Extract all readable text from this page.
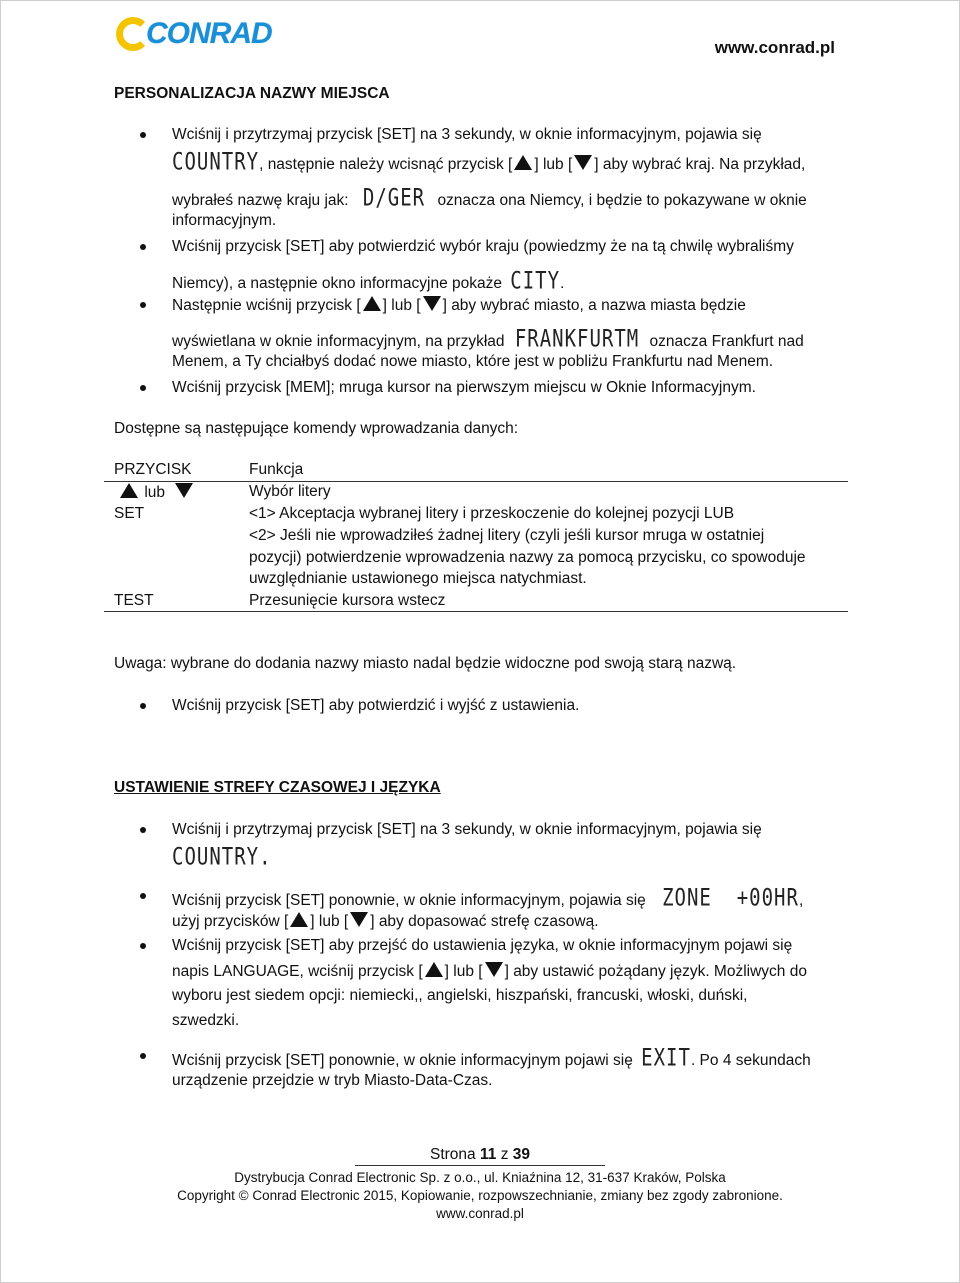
CONRAD	www.conrad.pl
PERSONALIZACJA NAZWY MIEJSCA
Wciśnij i przytrzymaj przycisk [SET] na 3 sekundy, w oknie informacyjnym, pojawia się
COUNTRY, następnie należy wcisnąć przycisk [ ] lub [ ] aby wybrać kraj. Na przykład,
wybrałeś nazwę kraju jak: D/GER oznacza ona Niemcy, i będzie to pokazywane w oknie
informacyjnym.
Wciśnij przycisk [SET] aby potwierdzić wybór kraju (powiedzmy że na tą chwilę wybraliśmy
Niemcy), a następnie okno informacyjne pokaże CITY.
Następnie wciśnij przycisk [ ] lub [ ] aby wybrać miasto, a nazwa miasta będzie
wyświetlana w oknie informacyjnym, na przykład FRANKFURTM oznacza Frankfurt nad
Menem, a Ty chciałbyś dodać nowe miasto, które jest w pobliżu Frankfurtu nad Menem.
Wciśnij przycisk [MEM]; mruga kursor na pierwszym miejscu w Oknie Informacyjnym.
Dostępne są następujące komendy wprowadzania danych:
PRZYCISK	Funkcja
lub	Wybór litery
SET	<1> Akceptacja wybranej litery i przeskoczenie do kolejnej pozycji LUB
<2> Jeśli nie wprowadziłeś żadnej litery (czyli jeśli kursor mruga w ostatniej
pozycji) potwierdzenie wprowadzenia nazwy za pomocą przycisku, co spowoduje
uwzględnianie ustawionego miejsca natychmiast.
TEST	Przesunięcie kursora wstecz
Uwaga: wybrane do dodania nazwy miasto nadal będzie widoczne pod swoją starą nazwą.
Wciśnij przycisk [SET] aby potwierdzić i wyjść z ustawienia.
USTAWIENIE STREFY CZASOWEJ I JĘZYKA
Wciśnij i przytrzymaj przycisk [SET] na 3 sekundy, w oknie informacyjnym, pojawia się
COUNTRY.
Wciśnij przycisk [SET] ponownie, w oknie informacyjnym, pojawia się ZONE  +00HR,
użyj przycisków [ ] lub [ ] aby dopasować strefę czasową.
Wciśnij przycisk [SET] aby przejść do ustawienia języka, w oknie informacyjnym pojawi się
napis LANGUAGE, wciśnij przycisk [ ] lub [ ] aby ustawić pożądany język. Możliwych do
wyboru jest siedem opcji: niemiecki,, angielski, hiszpański, francuski, włoski, duński,
szwedzki.
Wciśnij przycisk [SET] ponownie, w oknie informacyjnym pojawi się EXIT. Po 4 sekundach
urządzenie przejdzie w tryb Miasto-Data-Czas.
Strona 11 z 39
Dystrybucja Conrad Electronic Sp. z o.o., ul. Kniaźnina 12, 31-637 Kraków, Polska
Copyright © Conrad Electronic 2015, Kopiowanie, rozpowszechnianie, zmiany bez zgody zabronione.
www.conrad.pl
